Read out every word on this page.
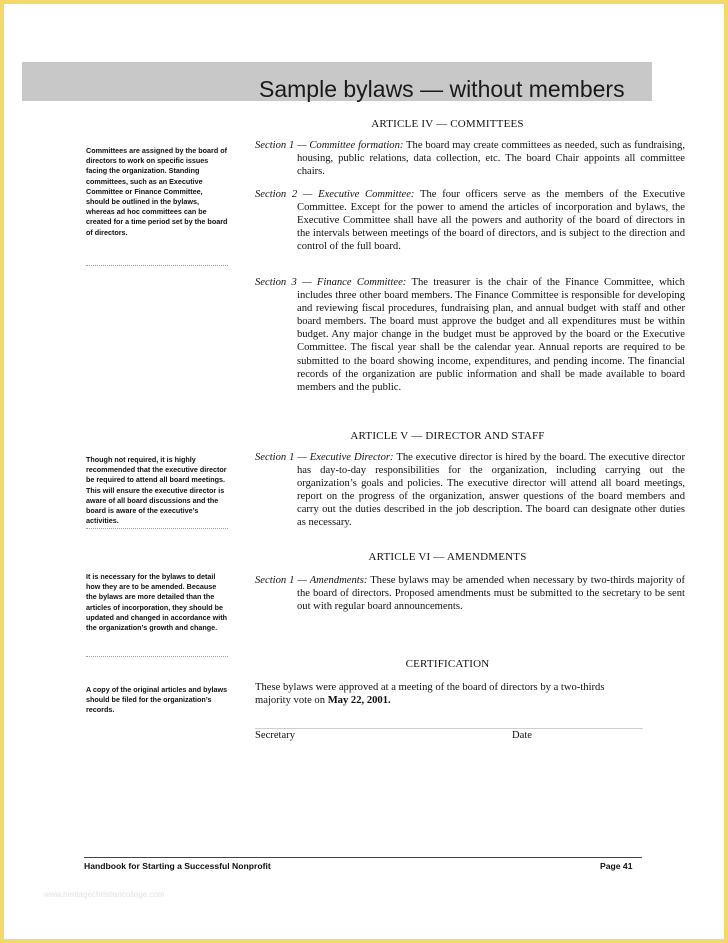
Sample bylaws — without members
ARTICLE IV — COMMITTEES
Section 1 — Committee formation: The board may create committees as needed, such as fundraising, housing, public relations, data collection, etc. The board Chair appoints all committee chairs.
Section 2 — Executive Committee: The four officers serve as the members of the Executive Committee. Except for the power to amend the articles of incorporation and bylaws, the Executive Committee shall have all the powers and authority of the board of directors in the intervals between meetings of the board of directors, and is subject to the direction and control of the full board.
Section 3 — Finance Committee: The treasurer is the chair of the Finance Committee, which includes three other board members. The Finance Committee is responsible for developing and reviewing fiscal procedures, fundraising plan, and annual budget with staff and other board members. The board must approve the budget and all expenditures must be within budget. Any major change in the budget must be approved by the board or the Executive Committee. The fiscal year shall be the calendar year. Annual reports are required to be submitted to the board showing income, expenditures, and pending income. The financial records of the organization are public information and shall be made available to board members and the public.
ARTICLE V — DIRECTOR AND STAFF
Section 1 — Executive Director: The executive director is hired by the board. The executive director has day-to-day responsibilities for the organization, including carrying out the organization’s goals and policies. The executive director will attend all board meetings, report on the progress of the organization, answer questions of the board members and carry out the duties described in the job description. The board can designate other duties as necessary.
ARTICLE VI — AMENDMENTS
Section 1 — Amendments: These bylaws may be amended when necessary by two-thirds majority of the board of directors. Proposed amendments must be submitted to the secretary to be sent out with regular board announcements.
CERTIFICATION
These bylaws were approved at a meeting of the board of directors by a two-thirds majority vote on May 22, 2001.
Secretary	Date
Committees are assigned by the board of directors to work on specific issues facing the organization. Standing committees, such as an Executive Committee or Finance Committee, should be outlined in the bylaws, whereas ad hoc committees can be created for a time period set by the board of directors.
Though not required, it is highly recommended that the executive director be required to attend all board meetings. This will ensure the executive director is aware of all board discussions and the board is aware of the executive’s activities.
It is necessary for the bylaws to detail how they are to be amended. Because the bylaws are more detailed than the articles of incorporation, they should be updated and changed in accordance with the organization’s growth and change.
A copy of the original articles and bylaws should be filed for the organization’s records.
Handbook for Starting a Successful Nonprofit	Page 41
www.heritagechristiancollege.com
